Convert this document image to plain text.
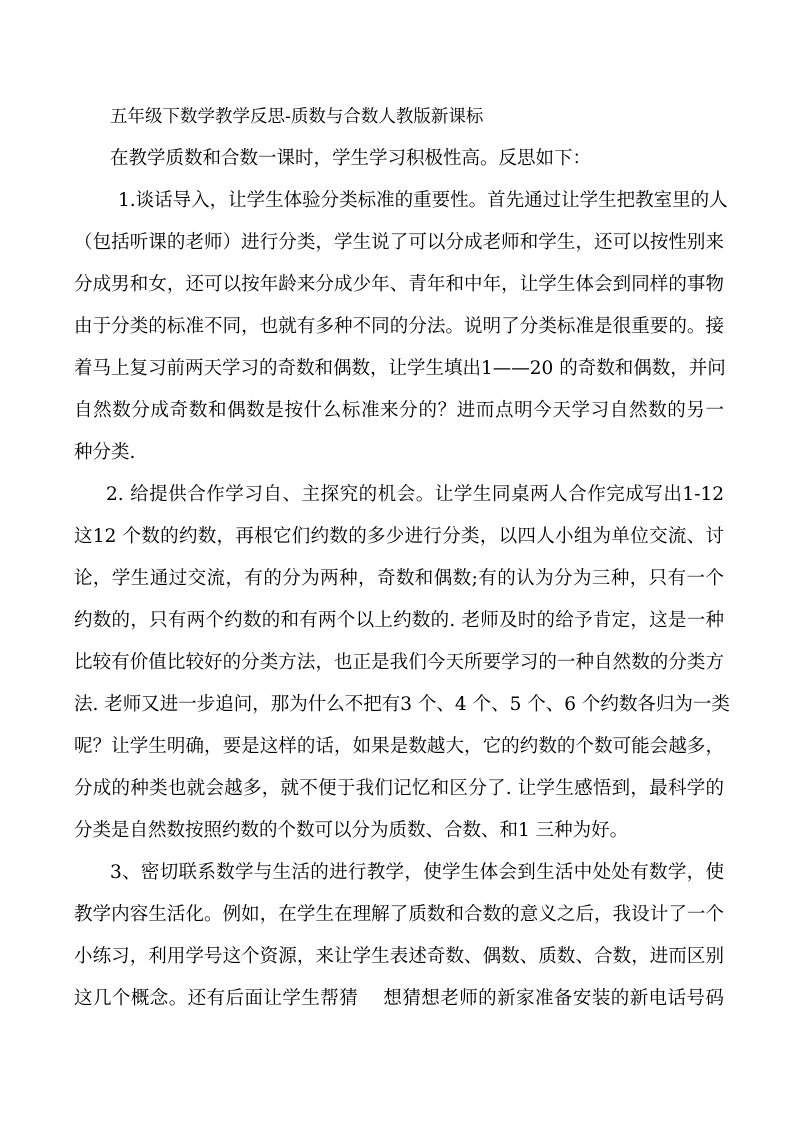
五年级下数学教学反思-质数与合数人教版新课标
在教学质数和合数一课时，学生学习积极性高。反思如下：
1.谈话导入，让学生体验分类标准的重要性。首先通过让学生把教室里的人
（包括听课的老师）进行分类，学生说了可以分成老师和学生，还可以按性别来
分成男和女，还可以按年龄来分成少年、青年和中年，让学生体会到同样的事物
由于分类的标准不同，也就有多种不同的分法。说明了分类标准是很重要的。接
着马上复习前两天学习的奇数和偶数，让学生填出1——20 的奇数和偶数，并问
自然数分成奇数和偶数是按什么标准来分的？进而点明今天学习自然数的另一
种分类.
2. 给提供合作学习自、主探究的机会。让学生同桌两人合作完成写出1-12
这12 个数的约数，再根它们约数的多少进行分类，以四人小组为单位交流、讨
论，学生通过交流，有的分为两种，奇数和偶数;有的认为分为三种，只有一个
约数的，只有两个约数的和有两个以上约数的. 老师及时的给予肯定，这是一种
比较有价值比较好的分类方法，也正是我们今天所要学习的一种自然数的分类方
法. 老师又进一步追问，那为什么不把有3 个、4 个、5 个、6 个约数各归为一类
呢？让学生明确，要是这样的话，如果是数越大，它的约数的个数可能会越多，
分成的种类也就会越多，就不便于我们记忆和区分了. 让学生感悟到，最科学的
分类是自然数按照约数的个数可以分为质数、合数、和1 三种为好。
3、密切联系数学与生活的进行教学，使学生体会到生活中处处有数学，使
教学内容生活化。例如，在学生在理解了质数和合数的意义之后，我设计了一个
小练习，利用学号这个资源，来让学生表述奇数、偶数、质数、合数，进而区别
这几个概念。还有后面让学生帮猜　 想猜想老师的新家准备安装的新电话号码
